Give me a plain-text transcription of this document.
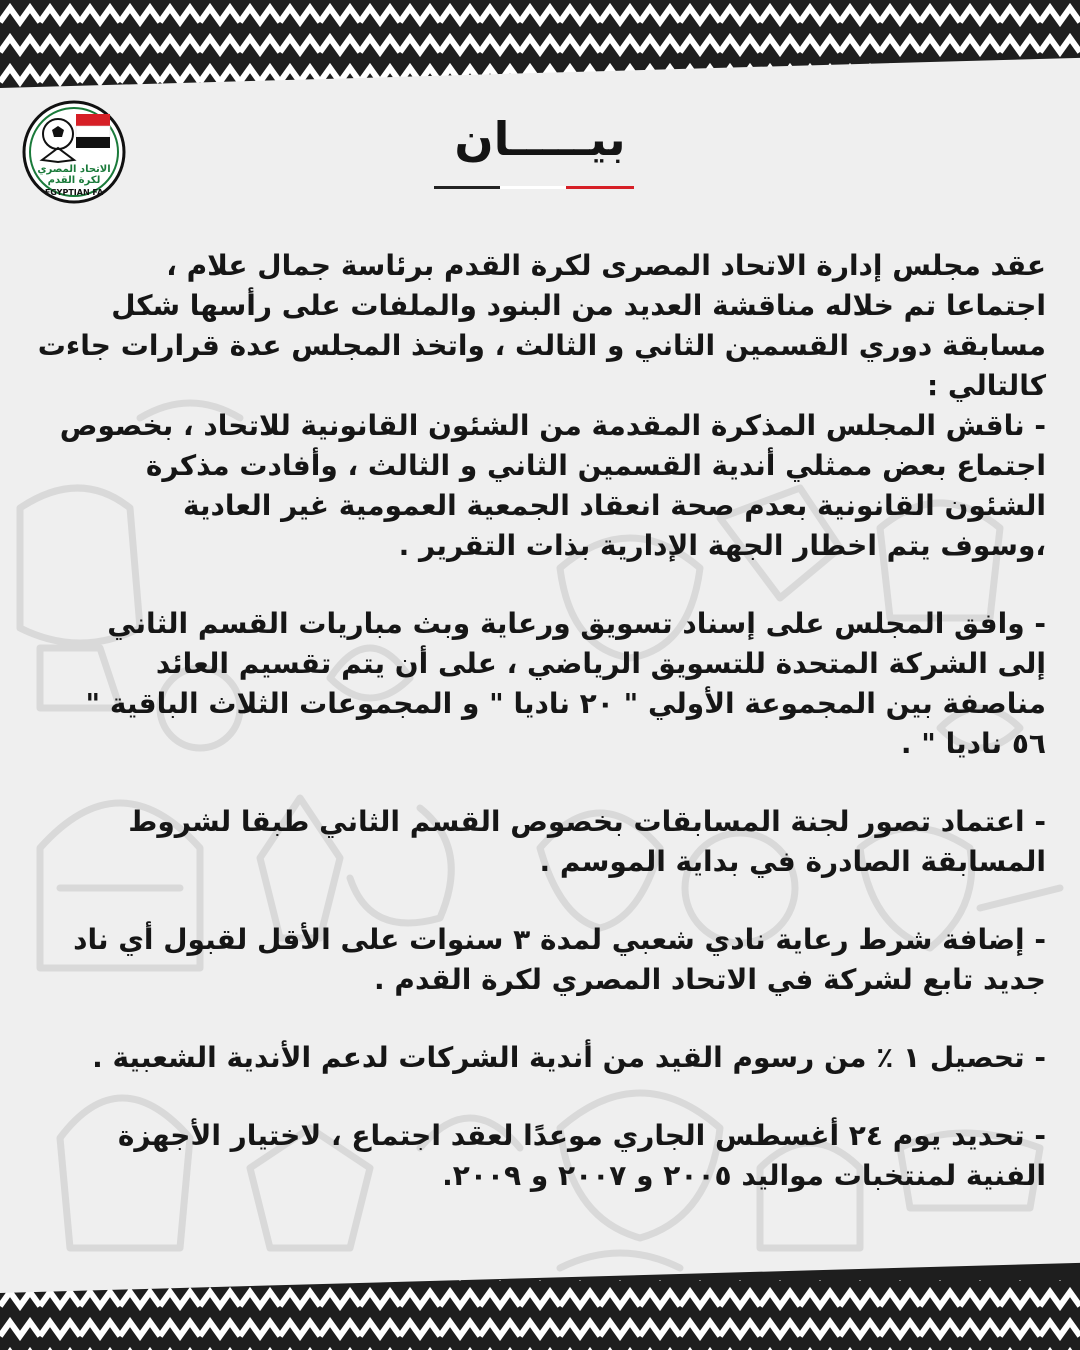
الاتحاد المصري
لكرة القدم
EGYPTIAN FA
بيـــــان

عقد مجلس إدارة الاتحاد المصرى لكرة القدم برئاسة جمال علام ،
اجتماعا تم خلاله مناقشة العديد من البنود والملفات على رأسها شكل
مسابقة دوري القسمين الثاني و الثالث ، واتخذ المجلس عدة قرارات جاءت
كالتالي :
- ناقش المجلس المذكرة المقدمة من الشئون القانونية للاتحاد ، بخصوص
اجتماع بعض ممثلي أندية القسمين الثاني و الثالث ، وأفادت مذكرة
الشئون القانونية بعدم صحة انعقاد الجمعية العمومية غير العادية
،وسوف يتم اخطار الجهة الإدارية بذات التقرير .

- وافق المجلس على إسناد تسويق ورعاية وبث مباريات القسم الثاني
إلى الشركة المتحدة للتسويق الرياضي ، على أن يتم تقسيم العائد
مناصفة بين المجموعة الأولي " ٢٠ ناديا " و المجموعات الثلاث الباقية "
٥٦ ناديا " .

- اعتماد تصور لجنة المسابقات بخصوص القسم الثاني طبقا لشروط
المسابقة الصادرة في بداية الموسم .

- إضافة شرط رعاية نادي شعبي لمدة ٣ سنوات على الأقل لقبول أي ناد
جديد تابع لشركة في الاتحاد المصري لكرة القدم .

- تحصيل ١ ٪ من رسوم القيد من أندية الشركات لدعم الأندية الشعبية .

- تحديد يوم ٢٤ أغسطس الجاري موعدًا لعقد اجتماع ، لاختيار الأجهزة
الفنية لمنتخبات مواليد ٢٠٠٥ و ٢٠٠٧ و ٢٠٠٩.
